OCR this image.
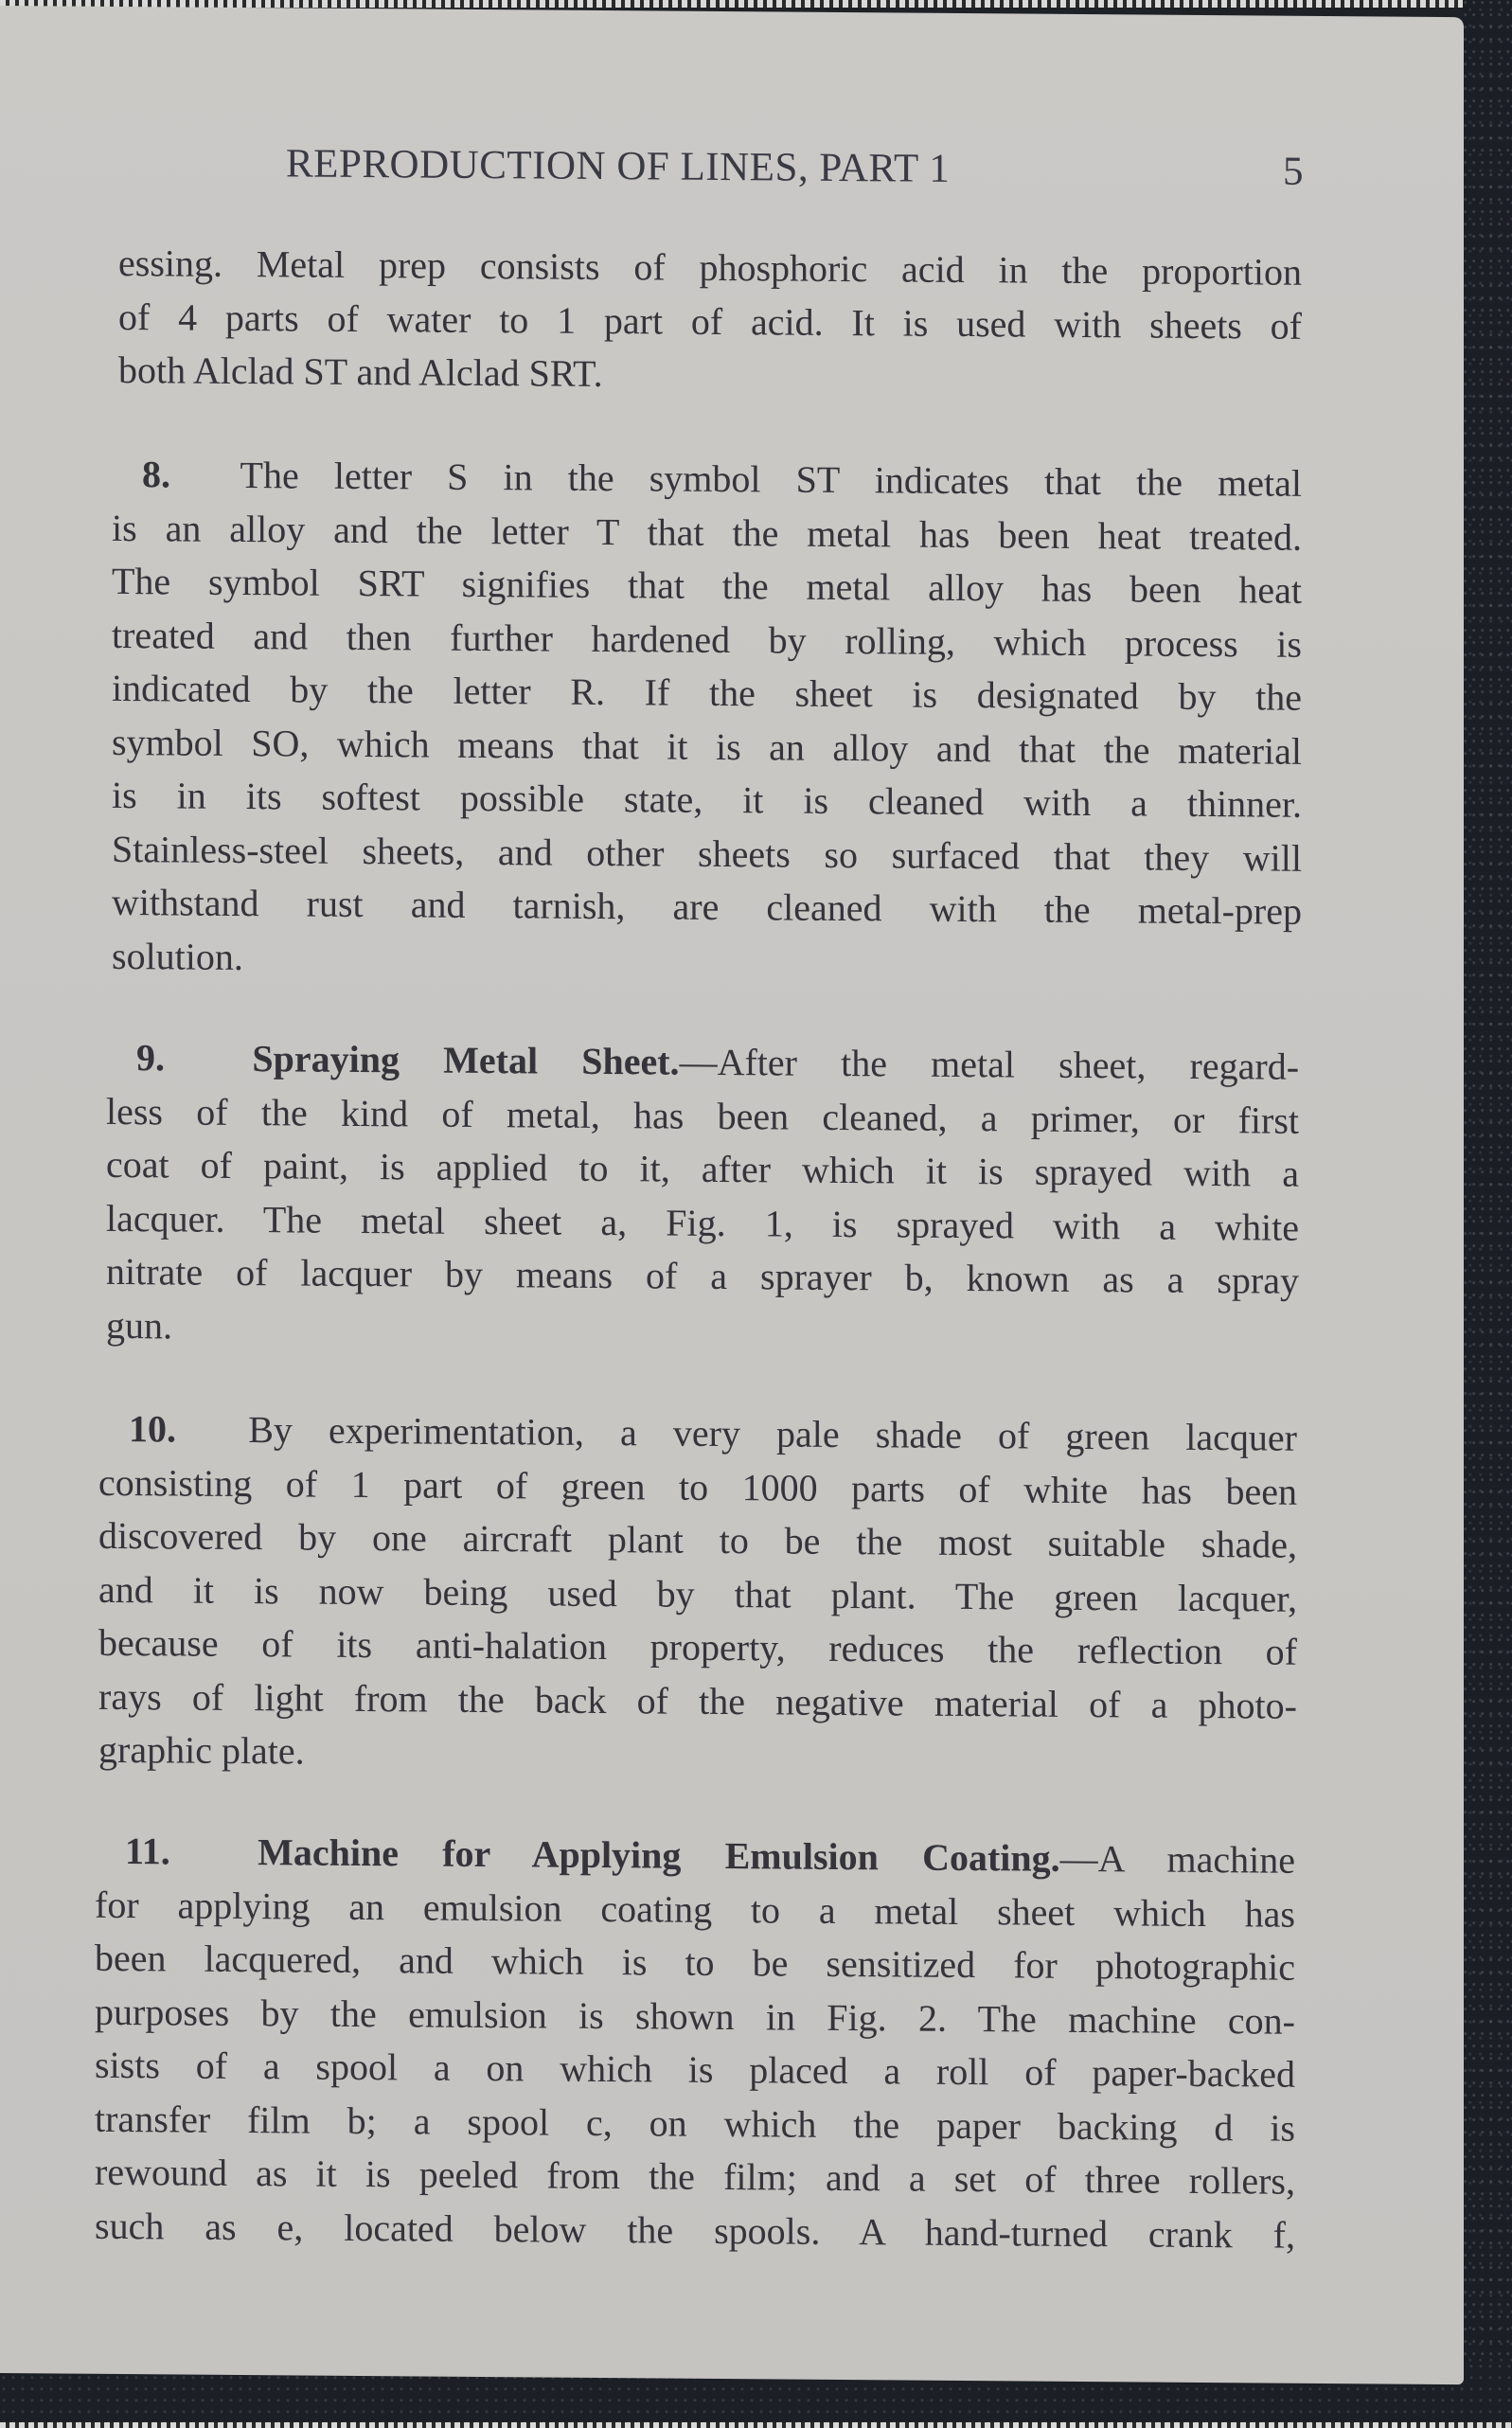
REPRODUCTION OF LINES, PART 1	5

essing. Metal prep consists of phosphoric acid in the proportion
of 4 parts of water to 1 part of acid. It is used with sheets of
both Alclad ST and Alclad SRT.

8. The letter S in the symbol ST indicates that the metal
is an alloy and the letter T that the metal has been heat treated.
The symbol SRT signifies that the metal alloy has been heat
treated and then further hardened by rolling, which process is
indicated by the letter R. If the sheet is designated by the
symbol SO, which means that it is an alloy and that the material
is in its softest possible state, it is cleaned with a thinner.
Stainless-steel sheets, and other sheets so surfaced that they will
withstand rust and tarnish, are cleaned with the metal-prep
solution.

9. Spraying Metal Sheet.—After the metal sheet, regard-
less of the kind of metal, has been cleaned, a primer, or first
coat of paint, is applied to it, after which it is sprayed with a
lacquer. The metal sheet a, Fig. 1, is sprayed with a white
nitrate of lacquer by means of a sprayer b, known as a spray
gun.

10. By experimentation, a very pale shade of green lacquer
consisting of 1 part of green to 1000 parts of white has been
discovered by one aircraft plant to be the most suitable shade,
and it is now being used by that plant. The green lacquer,
because of its anti-halation property, reduces the reflection of
rays of light from the back of the negative material of a photo-
graphic plate.

11. Machine for Applying Emulsion Coating.—A machine
for applying an emulsion coating to a metal sheet which has
been lacquered, and which is to be sensitized for photographic
purposes by the emulsion is shown in Fig. 2. The machine con-
sists of a spool a on which is placed a roll of paper-backed
transfer film b; a spool c, on which the paper backing d is
rewound as it is peeled from the film; and a set of three rollers,
such as e, located below the spools. A hand-turned crank f,
